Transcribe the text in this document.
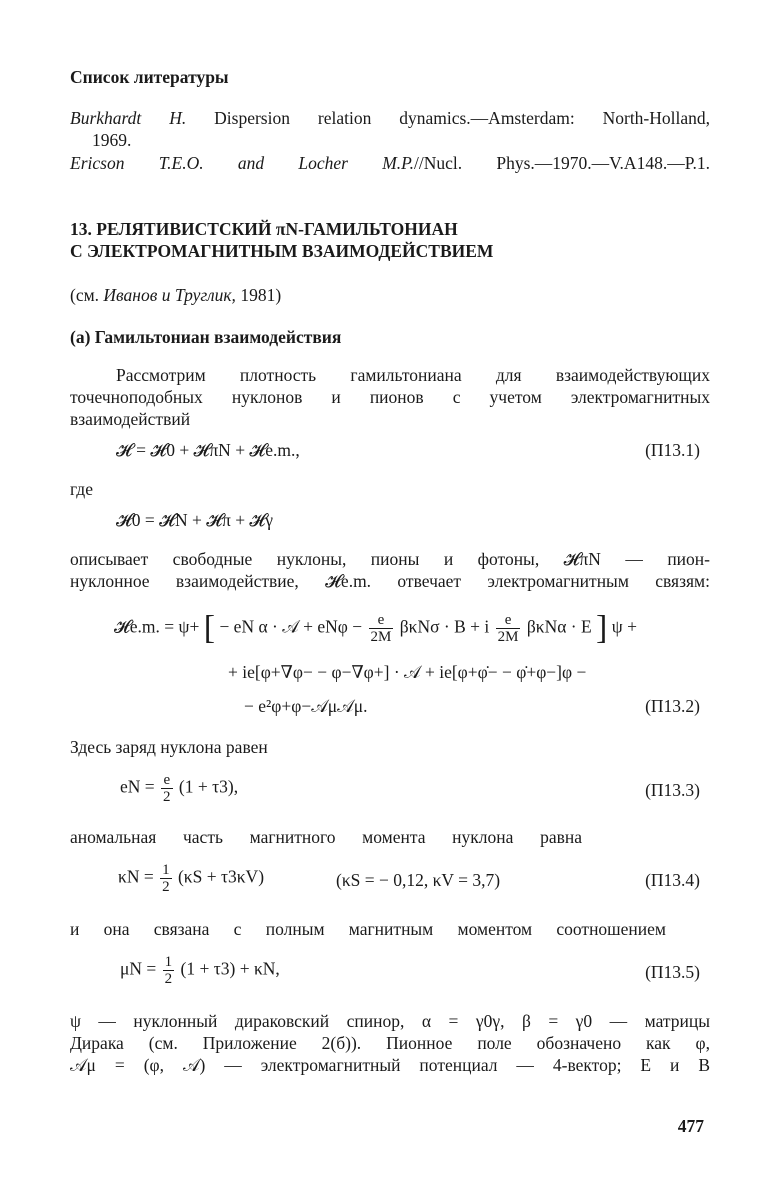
Список литературы
Burkhardt H. Dispersion relation dynamics.—Amsterdam: North-Holland,
1969.
Ericson T.E.O. and Locher M.P.//Nucl. Phys.—1970.—V.A148.—P.1.
13. РЕЛЯТИВИСТСКИЙ πN-ГАМИЛЬТОНИАН
С ЭЛЕКТРОМАГНИТНЫМ ВЗАИМОДЕЙСТВИЕМ
(см. Иванов и Труглик, 1981)
(а) Гамильтониан взаимодействия
Рассмотрим плотность гамильтониана для взаимодействующих
точечноподобных нуклонов и пионов с учетом электромагнитных
взаимодействий
𝓗 = 𝓗0 + 𝓗πN + 𝓗e.m.,	(П13.1)
где
𝓗0 = 𝓗N + 𝓗π + 𝓗γ
описывает свободные нуклоны, пионы и фотоны, 𝓗πN — пион-
нуклонное взаимодействие, 𝓗e.m. отвечает электромагнитным связям:
𝓗e.m. = ψ+ [ − eN α · 𝒜 + $eN\varphi - \frac{e}{2M}$ βκNσ · B + i $\frac{e}{2M}$ βκNα · E ] ψ +
+ ie[φ+∇φ− − φ−∇φ+] · 𝒜 + ie[φ+φ̇− − φ̇+φ−]φ −
− e²φ+φ−𝒜μ𝒜μ.	(П13.2)
Здесь заряд нуклона равен
eN = $\frac{e}{2} (1 + \tau 3)$,	(П13.3)
аномальная часть магнитного момента нуклона равна
$\kappa N = \frac{1}{2} (\kappa S + \tau 3\kappa V)$	(κS = − 0,12, κV = 3,7)	(П13.4)
и она связана с полным магнитным моментом соотношением
$\mu N = \frac{1}{2} (1 + \tau 3) + \kappa N$,	(П13.5)
ψ — нуклонный дираковский спинор, α = γ0γ, β = γ0 — матрицы
Дирака (см. Приложение 2(б)). Пионное поле обозначено как φ,
𝒜μ = (φ, 𝒜) — электромагнитный потенциал — 4-вектор; E и B
477
